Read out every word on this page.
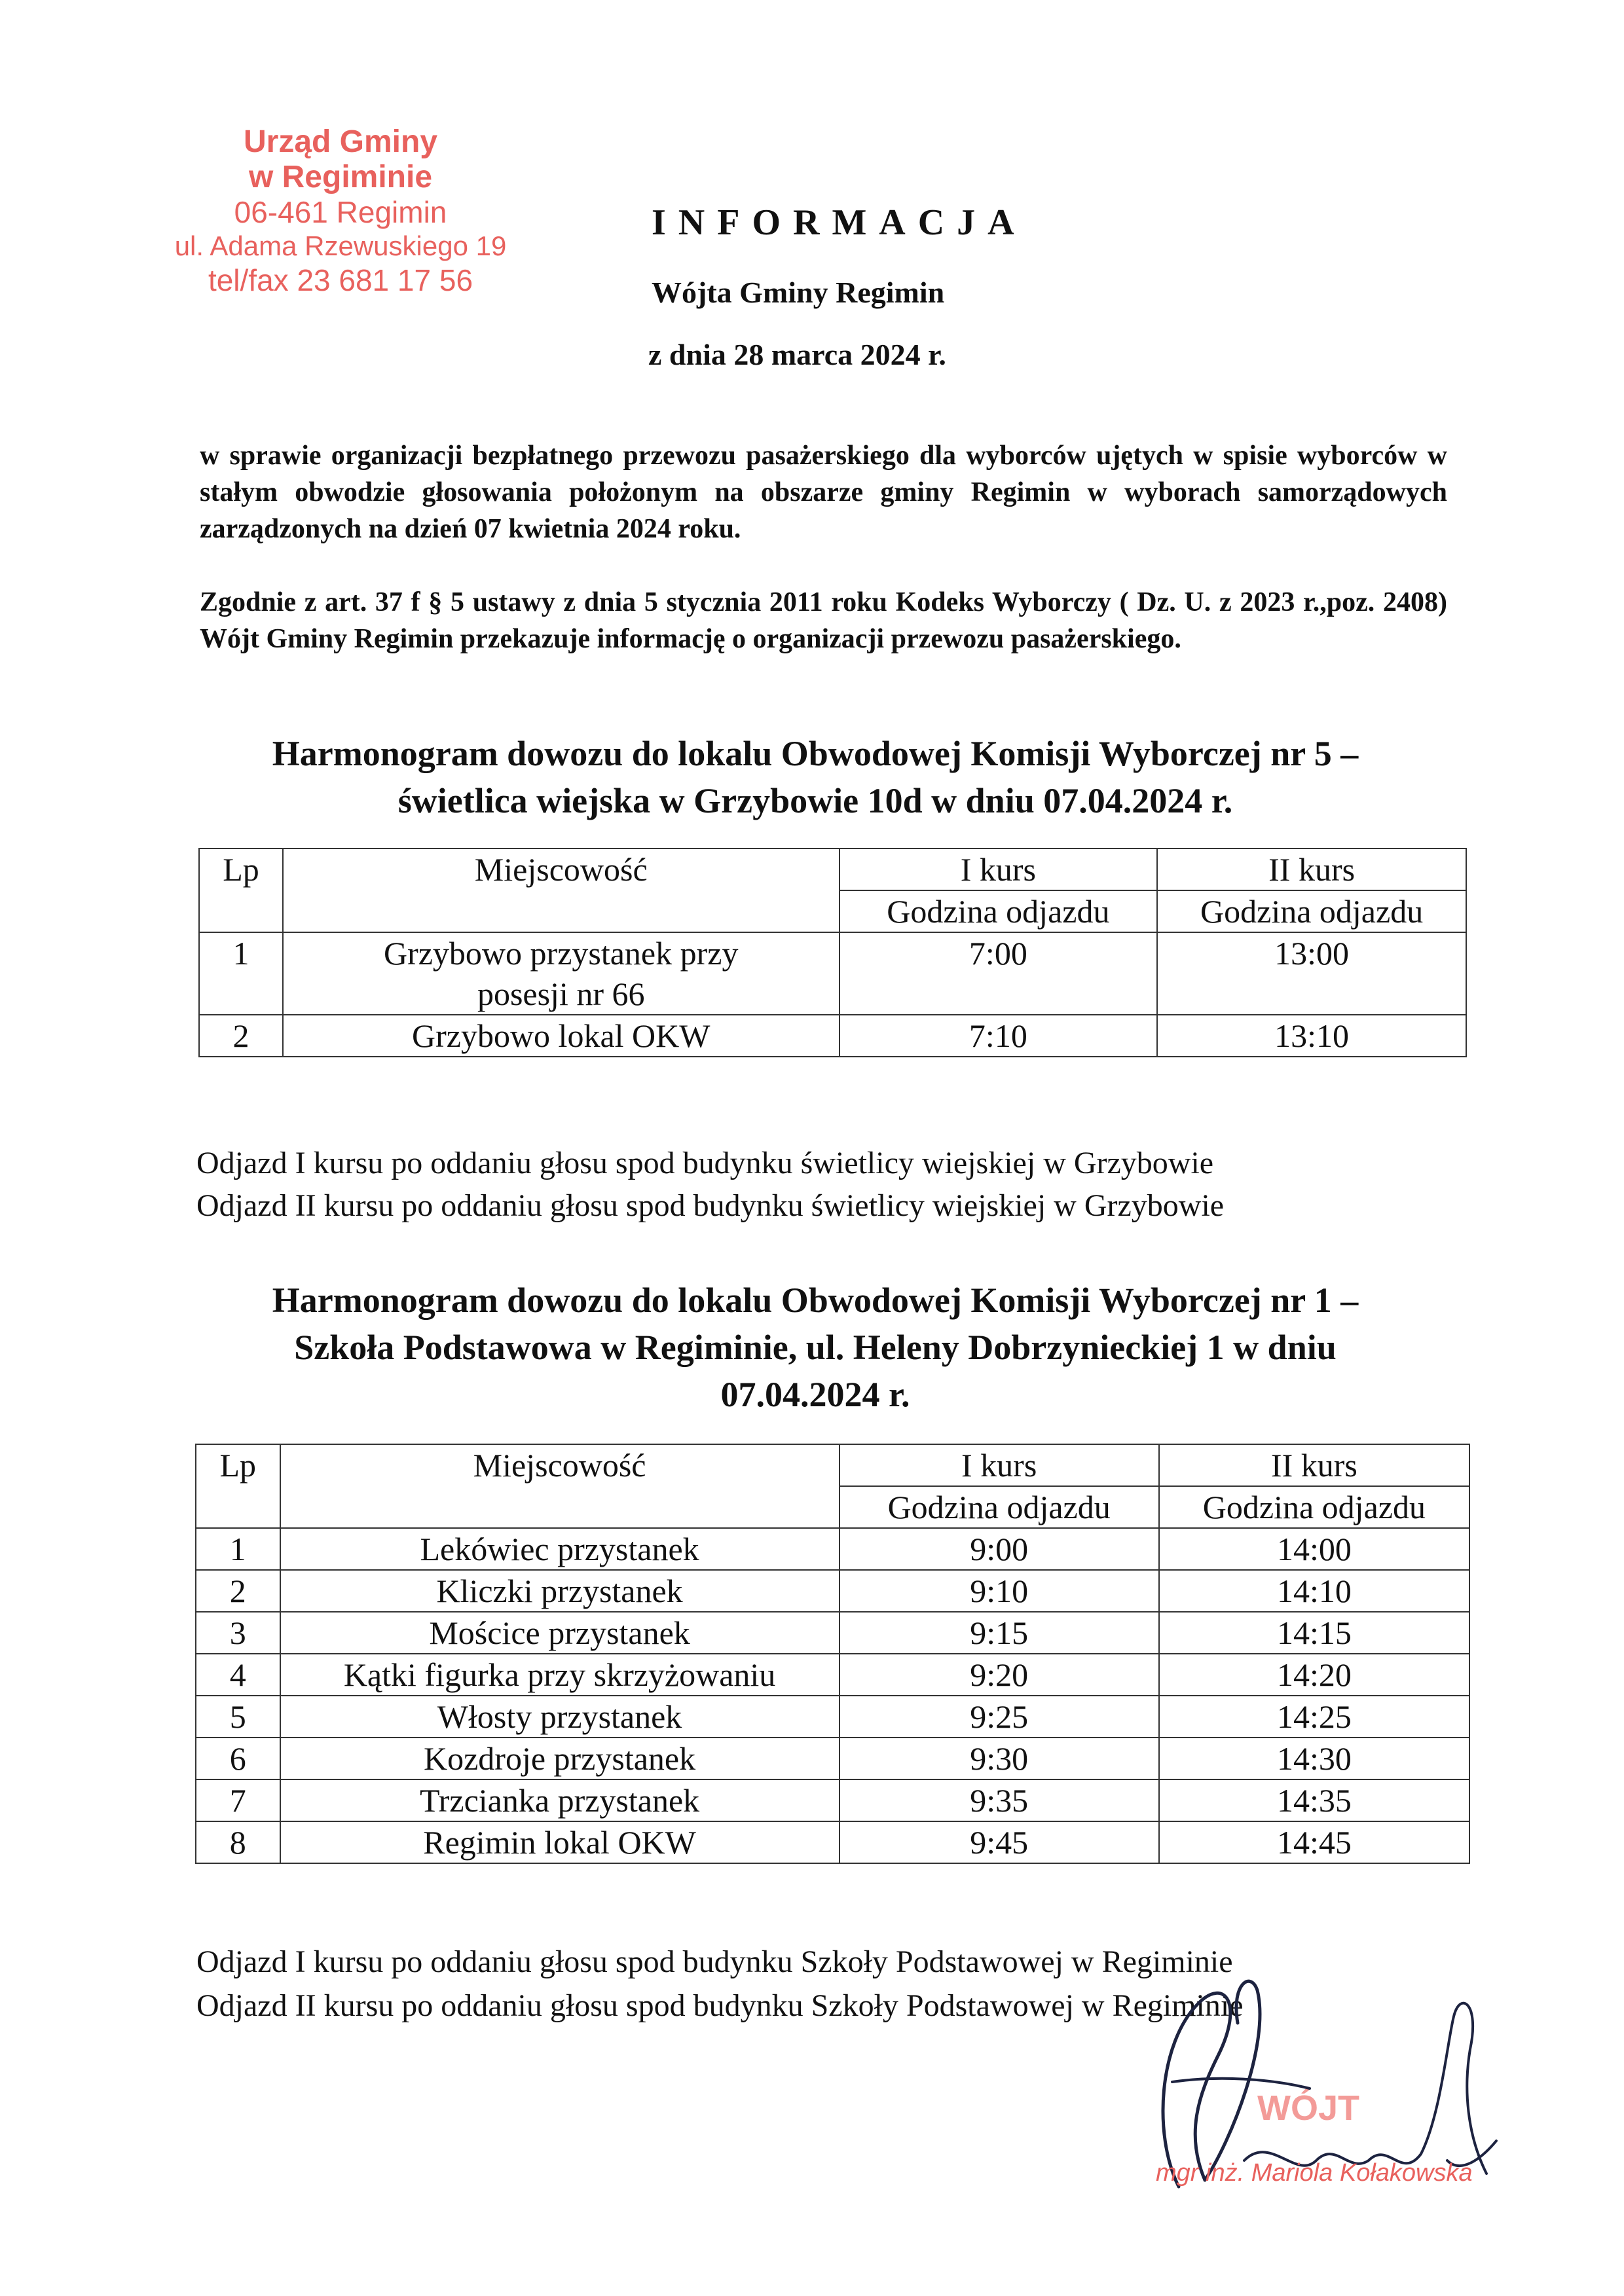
Urząd Gminy
w Regiminie
06-461 Regimin
ul. Adama Rzewuskiego 19
tel/fax 23 681 17 56
INFORMACJA
Wójta Gminy Regimin
z dnia 28 marca 2024 r.
w sprawie organizacji bezpłatnego przewozu pasażerskiego dla wyborców ujętych w spisie wyborców w stałym obwodzie głosowania położonym na obszarze gminy Regimin w wyborach samorządowych zarządzonych na dzień 07 kwietnia 2024 roku.
Zgodnie z art. 37 f § 5 ustawy z dnia 5 stycznia 2011 roku Kodeks Wyborczy ( Dz. U. z 2023 r.,poz. 2408) Wójt Gminy Regimin przekazuje informację o organizacji przewozu pasażerskiego.
Harmonogram dowozu do lokalu Obwodowej Komisji Wyborczej nr 5 –
świetlica wiejska w Grzybowie 10d w dniu 07.04.2024 r.
Lp	Miejscowość	I kurs	II kurs
		Godzina odjazdu	Godzina odjazdu
1	Grzybowo przystanek przy posesji nr 66	7:00	13:00
2	Grzybowo lokal OKW	7:10	13:10
Odjazd I kursu po oddaniu głosu spod budynku świetlicy wiejskiej w Grzybowie
Odjazd II kursu po oddaniu głosu spod budynku świetlicy wiejskiej w Grzybowie
Harmonogram dowozu do lokalu Obwodowej Komisji Wyborczej nr 1 –
Szkoła Podstawowa w Regiminie, ul. Heleny Dobrzynieckiej 1 w dniu
07.04.2024 r.
Lp	Miejscowość	I kurs	II kurs
		Godzina odjazdu	Godzina odjazdu
1	Lekówiec przystanek	9:00	14:00
2	Kliczki przystanek	9:10	14:10
3	Mościce przystanek	9:15	14:15
4	Kątki figurka przy skrzyżowaniu	9:20	14:20
5	Włosty przystanek	9:25	14:25
6	Kozdroje przystanek	9:30	14:30
7	Trzcianka przystanek	9:35	14:35
8	Regimin lokal OKW	9:45	14:45
Odjazd I kursu po oddaniu głosu spod budynku Szkoły Podstawowej w Regiminie
Odjazd II kursu po oddaniu głosu spod budynku Szkoły Podstawowej w Regiminie
WÓJT
mgr inż. Mariola Kołakowska
